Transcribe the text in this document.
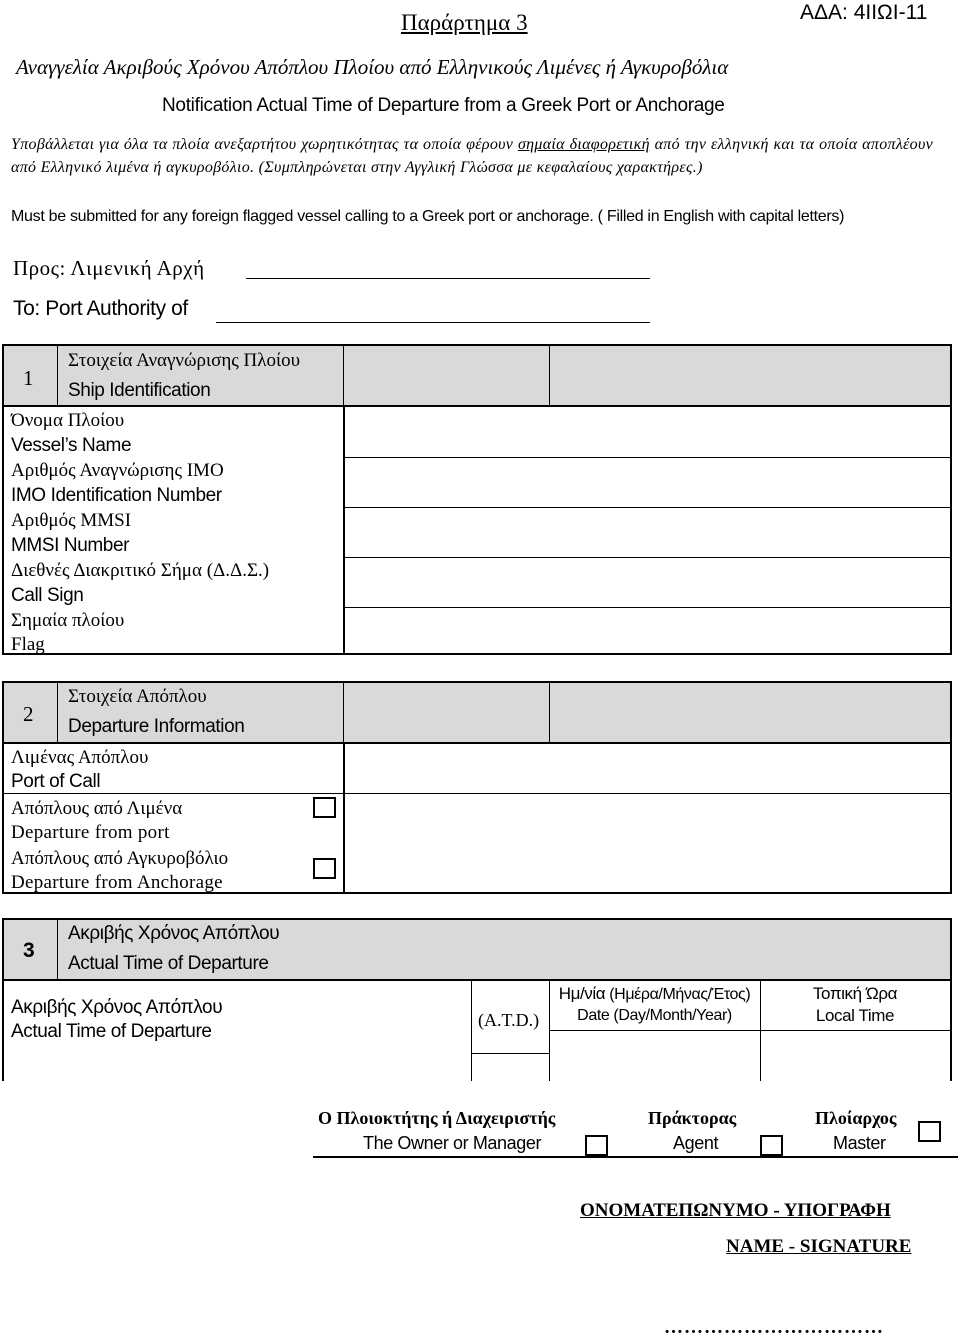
Παράρτημα 3	ΑΔΑ: 4ΙΙΩΙ-11
Αναγγελία Ακριβούς Χρόνου Απόπλου Πλοίου από Ελληνικούς Λιμένες ή Αγκυροβόλια
Notification Actual Time of Departure from a Greek Port or Anchorage
Υποβάλλεται για όλα τα πλοία ανεξαρτήτου χωρητικότητας τα οποία φέρουν σημαία διαφορετική από την ελληνική και τα οποία αποπλέουν από Ελληνικό λιμένα ή αγκυροβόλιο. (Συμπληρώνεται στην Αγγλική Γλώσσα με κεφαλαίους χαρακτήρες.)
Must be submitted for any foreign flagged vessel calling to a Greek port or anchorage. ( Filled in English with capital letters)
Προς: Λιμενική Αρχή
To: Port Authority of
1
Στοιχεία Αναγνώρισης Πλοίου
Ship Identification
Όνομα Πλοίου
Vessel’s Name
Αριθμός Αναγνώρισης ΙΜΟ
IMO Identification Number
Αριθμός MMSI
MMSI Number
Διεθνές Διακριτικό Σήμα (Δ.Δ.Σ.)
Call Sign
Σημαία πλοίου
Flag
2
Στοιχεία Απόπλου
Departure Information
Λιμένας Απόπλου
Port of Call
Απόπλους από Λιμένα
Departure from port
Απόπλους από Αγκυροβόλιο
Departure from Anchorage
3
Ακριβής Χρόνος Απόπλου
Actual Time of Departure
Ακριβής Χρόνος Απόπλου
Actual Time of Departure
(A.T.D.)
Ημ/νία (Ημέρα/Μήνας/Έτος)
Date (Day/Month/Year)
Τοπική Ώρα
Local Time
Ο Πλοιοκτήτης ή Διαχειριστής
The Owner or Manager
Πράκτορας
Agent
Πλοίαρχος
Master
ΟΝΟΜΑΤΕΠΩΝΥΜΟ - ΥΠΟΓΡΑΦΗ
NAME - SIGNATURE
……………………………
